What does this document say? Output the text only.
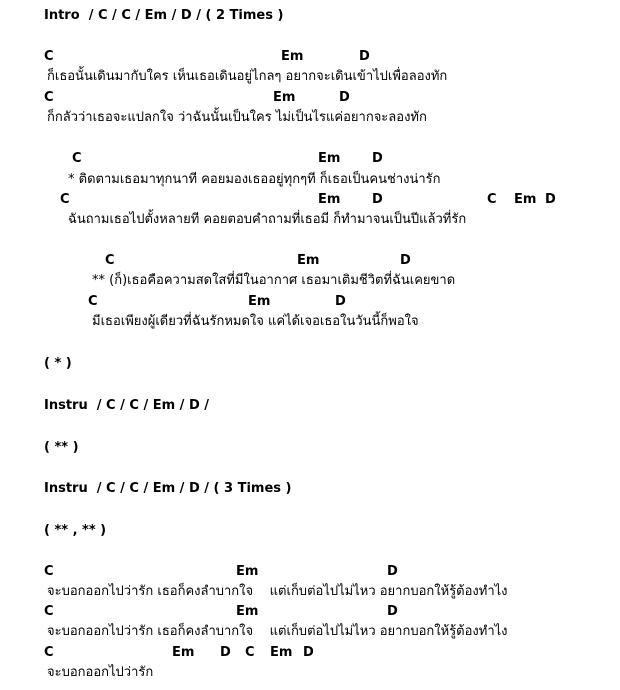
Intro  / C / C / Em / D / ( 2 Times )
C	Em	D
ก็เธอนั้นเดินมากับใคร เห็นเธอเดินอยู่ไกลๆ อยากจะเดินเข้าไปเพื่อลองทัก
C	Em	D
ก็กลัวว่าเธอจะแปลกใจ ว่าฉันนั้นเป็นใคร ไม่เป็นไรแค่อยากจะลองทัก
C	Em D
* ติดตามเธอมาทุกนาที คอยมองเธออยู่ทุกๆที ก็เธอเป็นคนช่างน่ารัก
C	Em D	C Em D
ฉันถามเธอไปตั้งหลายที คอยตอบคำถามที่เธอมี ก็ทำมาจนเป็นปีแล้วที่รัก
C	Em	D
** (ก็)เธอคือความสดใสที่มีในอากาศ เธอมาเติมชีวิตที่ฉันเคยขาด
C	Em	D
มีเธอเพียงผู้เดียวที่ฉันรักหมดใจ แค่ได้เจอเธอในวันนี้ก็พอใจ
( * )
Instru  / C / C / Em / D /
( ** )
Instru  / C / C / Em / D / ( 3 Times )
( ** , ** )
C	Em	D
จะบอกออกไปว่ารัก เธอก็คงลำบากใจ    แต่เก็บต่อไปไม่ไหว อยากบอกให้รู้ต้องทำไง
C	Em	D
จะบอกออกไปว่ารัก เธอก็คงลำบากใจ    แต่เก็บต่อไปไม่ไหว อยากบอกให้รู้ต้องทำไง
C	Em D C Em D
จะบอกออกไปว่ารัก
